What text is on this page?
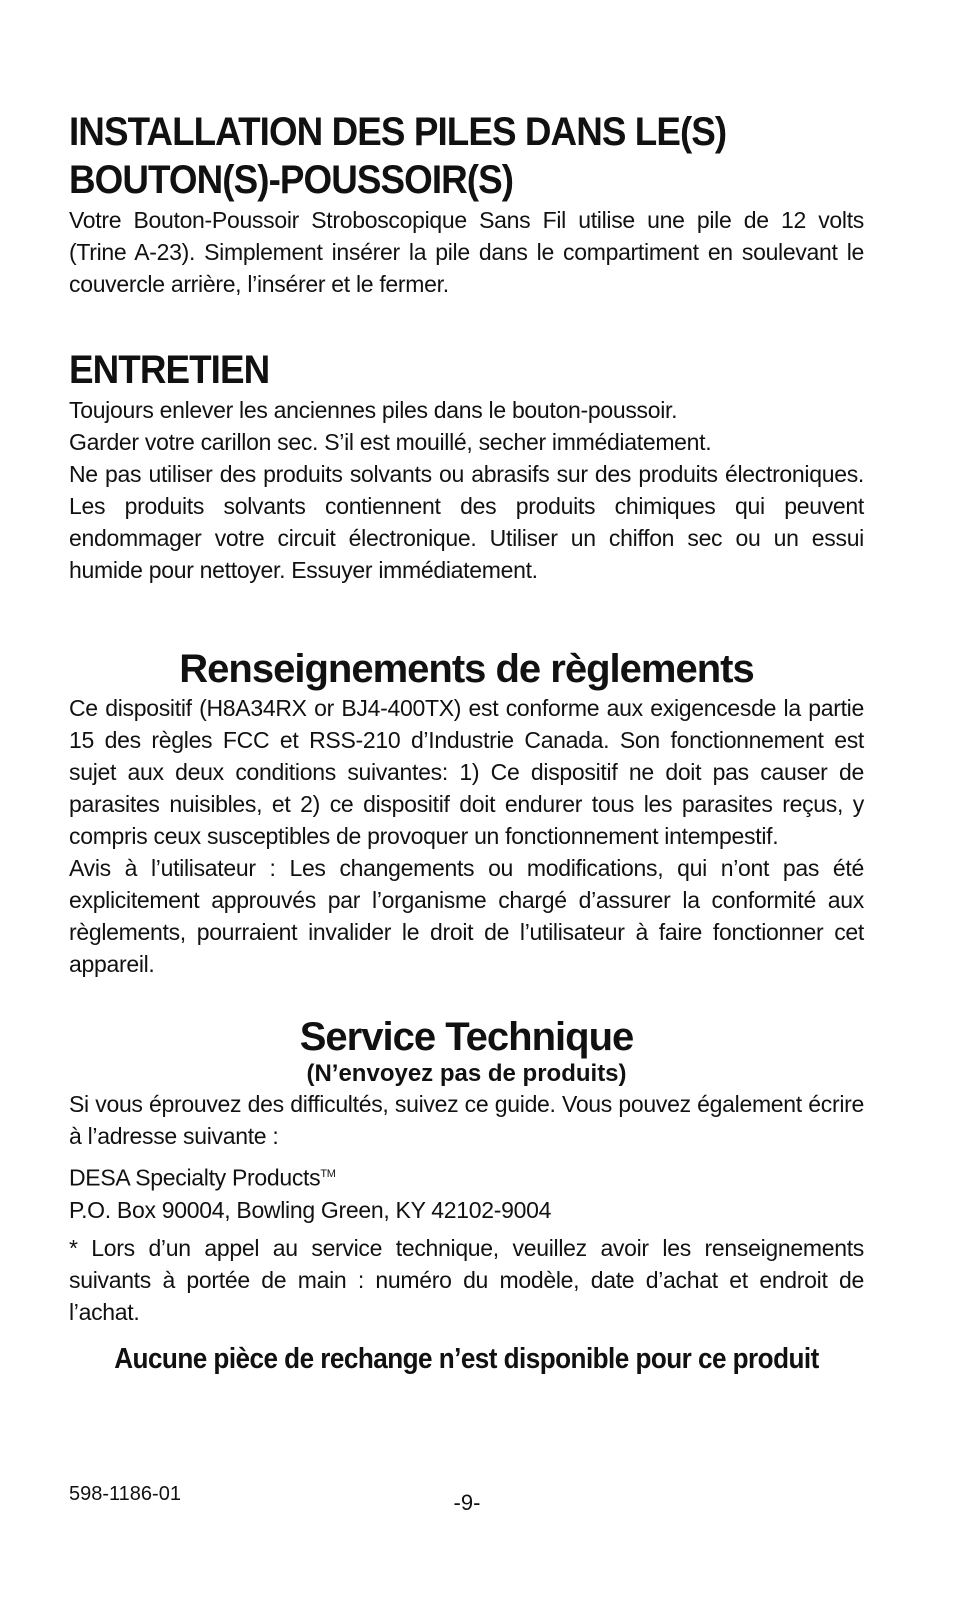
INSTALLATION DES PILES DANS LE(S)
BOUTON(S)-POUSSOIR(S)

Votre Bouton-Poussoir Stroboscopique Sans Fil utilise une pile de 12 volts (Trine A-23). Simplement insérer la pile dans le compartiment en soulevant le couvercle arrière, l’insérer et le fermer.

ENTRETIEN

Toujours enlever les anciennes piles dans le bouton-poussoir.

Garder votre carillon sec. S’il est mouillé, secher immédiatement.

Ne pas utiliser des produits solvants ou abrasifs sur des produits électroniques. Les produits solvants contiennent des produits chimiques qui peuvent endommager votre circuit électronique. Utiliser un chiffon sec ou un essui humide pour nettoyer. Essuyer immédiatement.

Renseignements de règlements

Ce dispositif (H8A34RX or BJ4-400TX) est conforme aux exigencesde la partie 15 des règles FCC et RSS-210 d’Industrie Canada. Son fonctionnement est sujet aux deux conditions suivantes: 1) Ce dispositif ne doit pas causer de parasites nuisibles, et 2) ce dispositif doit endurer tous les parasites reçus, y compris ceux susceptibles de provoquer un fonctionnement intempestif.

Avis à l’utilisateur : Les changements ou modifications, qui n’ont pas été explicitement approuvés par l’organisme chargé d’assurer la conformité aux règlements, pourraient invalider le droit de l’utilisateur à faire fonctionner cet appareil.

Service Technique

(N’envoyez pas de produits)

Si vous éprouvez des difficultés, suivez ce guide. Vous pouvez également écrire à l’adresse suivante :

DESA Specialty Products™

P.O. Box 90004, Bowling Green, KY 42102-9004

* Lors d’un appel au service technique, veuillez avoir les renseignements suivants à portée de main : numéro du modèle, date d’achat et endroit de l’achat.

Aucune pièce de rechange n’est disponible pour ce produit

598-1186-01	-9-
